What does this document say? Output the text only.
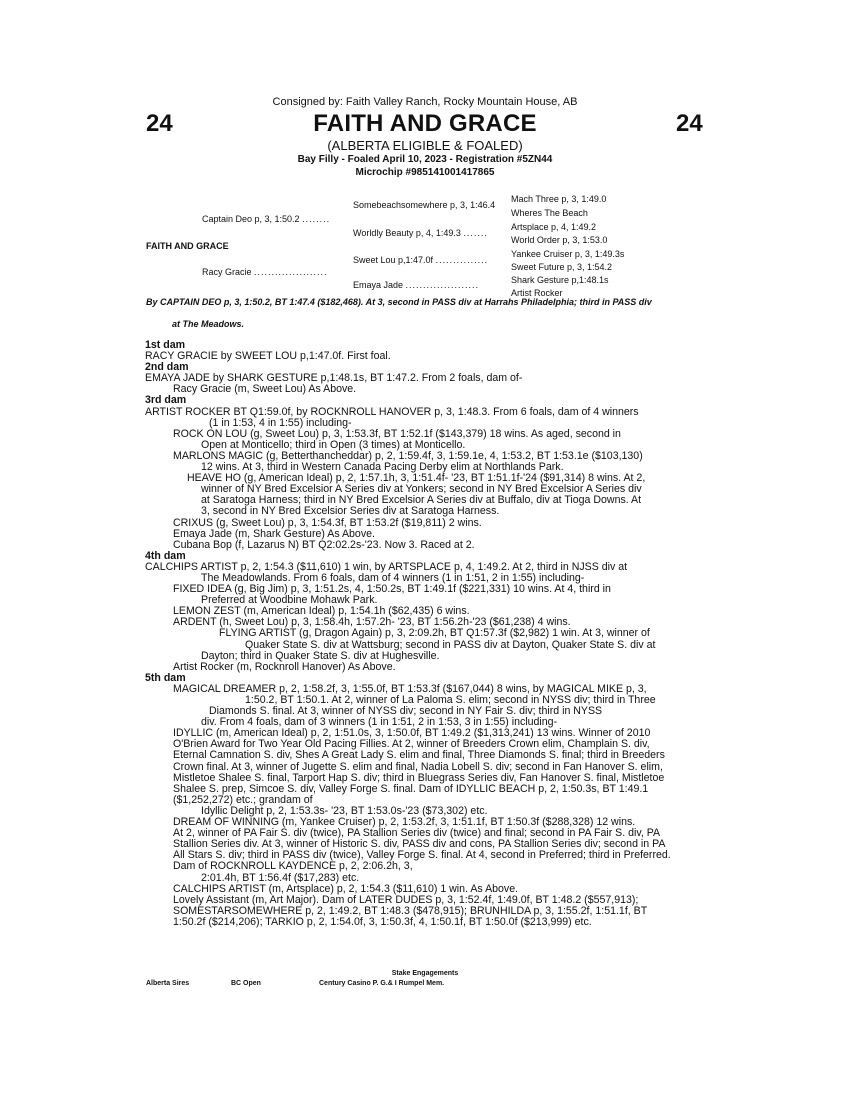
Consigned by: Faith Valley Ranch, Rocky Mountain House, AB
24	24
FAITH AND GRACE
(ALBERTA ELIGIBLE & FOALED)
Bay Filly - Foaled April 10, 2023 - Registration #5ZN44
Microchip #985141001417865
Captain Deo p, 3, 1:50.2 ........
FAITH AND GRACE
Racy Gracie .....................
Somebeachsomewhere p, 3, 1:46.4
Worldly Beauty p, 4, 1:49.3 .......
Sweet Lou p,1:47.0f ...............
Emaya Jade .....................
Mach Three p, 3, 1:49.0
Wheres The Beach
Artsplace p, 4, 1:49.2
World Order p, 3, 1:53.0
Yankee Cruiser p, 3, 1:49.3s
Sweet Future p, 3, 1:54.2
Shark Gesture p,1:48.1s
Artist Rocker
By CAPTAIN DEO p, 3, 1:50.2, BT 1:47.4 ($182,468). At 3, second in PASS div at Harrahs Philadelphia; third in PASS div
at The Meadows.
1st dam
RACY GRACIE by SWEET LOU p,1:47.0f. First foal.
2nd dam
EMAYA JADE by SHARK GESTURE p,1:48.1s, BT 1:47.2. From 2 foals, dam of-
Racy Gracie (m, Sweet Lou) As Above.
3rd dam
ARTIST ROCKER BT Q1:59.0f, by ROCKNROLL HANOVER p, 3, 1:48.3. From 6 foals, dam of 4 winners
(1 in 1:53, 4 in 1:55) including-
ROCK ON LOU (g, Sweet Lou) p, 3, 1:53.3f, BT 1:52.1f ($143,379) 18 wins. As aged, second in
Open at Monticello; third in Open (3 times) at Monticello.
MARLONS MAGIC (g, Betterthancheddar) p, 2, 1:59.4f, 3, 1:59.1e, 4, 1:53.2, BT 1:53.1e ($103,130)
12 wins. At 3, third in Western Canada Pacing Derby elim at Northlands Park.
HEAVE HO (g, American Ideal) p, 2, 1:57.1h, 3, 1:51.4f- '23, BT 1:51.1f-'24 ($91,314) 8 wins. At 2,
winner of NY Bred Excelsior A Series div at Yonkers; second in NY Bred Excelsior A Series div
at Saratoga Harness; third in NY Bred Excelsior A Series div at Buffalo, div at Tioga Downs. At
3, second in NY Bred Excelsior Series div at Saratoga Harness.
CRIXUS (g, Sweet Lou) p, 3, 1:54.3f, BT 1:53.2f ($19,811) 2 wins.
Emaya Jade (m, Shark Gesture) As Above.
Cubana Bop (f, Lazarus N) BT Q2:02.2s-'23. Now 3. Raced at 2.
4th dam
CALCHIPS ARTIST p, 2, 1:54.3 ($11,610) 1 win, by ARTSPLACE p, 4, 1:49.2. At 2, third in NJSS div at
The Meadowlands. From 6 foals, dam of 4 winners (1 in 1:51, 2 in 1:55) including-
FIXED IDEA (g, Big Jim) p, 3, 1:51.2s, 4, 1:50.2s, BT 1:49.1f ($221,331) 10 wins. At 4, third in
Preferred at Woodbine Mohawk Park.
LEMON ZEST (m, American Ideal) p, 1:54.1h ($62,435) 6 wins.
ARDENT (h, Sweet Lou) p, 3, 1:58.4h, 1:57.2h- '23, BT 1:56.2h-'23 ($61,238) 4 wins.
FLYING ARTIST (g, Dragon Again) p, 3, 2:09.2h, BT Q1:57.3f ($2,982) 1 win. At 3, winner of
Quaker State S. div at Wattsburg; second in PASS div at Dayton, Quaker State S. div at
Dayton; third in Quaker State S. div at Hughesville.
Artist Rocker (m, Rocknroll Hanover) As Above.
5th dam
MAGICAL DREAMER p, 2, 1:58.2f, 3, 1:55.0f, BT 1:53.3f ($167,044) 8 wins, by MAGICAL MIKE p, 3,
1:50.2, BT 1:50.1. At 2, winner of La Paloma S. elim; second in NYSS div; third in Three
Diamonds S. final. At 3, winner of NYSS div; second in NY Fair S. div; third in NYSS
div. From 4 foals, dam of 3 winners (1 in 1:51, 2 in 1:53, 3 in 1:55) including-
IDYLLIC (m, American Ideal) p, 2, 1:51.0s, 3, 1:50.0f, BT 1:49.2 ($1,313,241) 13 wins. Winner of 2010
O'Brien Award for Two Year Old Pacing Fillies. At 2, winner of Breeders Crown elim, Champlain S. div,
Eternal Camnation S. div, Shes A Great Lady S. elim and final, Three Diamonds S. final; third in Breeders
Crown final. At 3, winner of Jugette S. elim and final, Nadia Lobell S. div; second in Fan Hanover S. elim,
Mistletoe Shalee S. final, Tarport Hap S. div; third in Bluegrass Series div, Fan Hanover S. final, Mistletoe
Shalee S. prep, Simcoe S. div, Valley Forge S. final. Dam of IDYLLIC BEACH p, 2, 1:50.3s, BT 1:49.1
($1,252,272) etc.; grandam of
Idyllic Delight p, 2, 1:53.3s- '23, BT 1:53.0s-'23 ($73,302) etc.
DREAM OF WINNING (m, Yankee Cruiser) p, 2, 1:53.2f, 3, 1:51.1f, BT 1:50.3f ($288,328) 12 wins.
At 2, winner of PA Fair S. div (twice), PA Stallion Series div (twice) and final; second in PA Fair S. div, PA
Stallion Series div. At 3, winner of Historic S. div, PASS div and cons, PA Stallion Series div; second in PA
All Stars S. div; third in PASS div (twice), Valley Forge S. final. At 4, second in Preferred; third in Preferred.
Dam of ROCKNROLL KAYDENCE p, 2, 2:06.2h, 3,
2:01.4h, BT 1:56.4f ($17,283) etc.
CALCHIPS ARTIST (m, Artsplace) p, 2, 1:54.3 ($11,610) 1 win. As Above.
Lovely Assistant (m, Art Major). Dam of LATER DUDES p, 3, 1:52.4f, 1:49.0f, BT 1:48.2 ($557,913);
SOMESTARSOMEWHERE p, 2, 1:49.2, BT 1:48.3 ($478,915); BRUNHILDA p, 3, 1:55.2f, 1:51.1f, BT
1:50.2f ($214,206); TARKIO p, 2, 1:54.0f, 3, 1:50.3f, 4, 1:50.1f, BT 1:50.0f ($213,999) etc.
Stake Engagements
Alberta Sires	BC Open	Century Casino P. G.& I Rumpel Mem.
